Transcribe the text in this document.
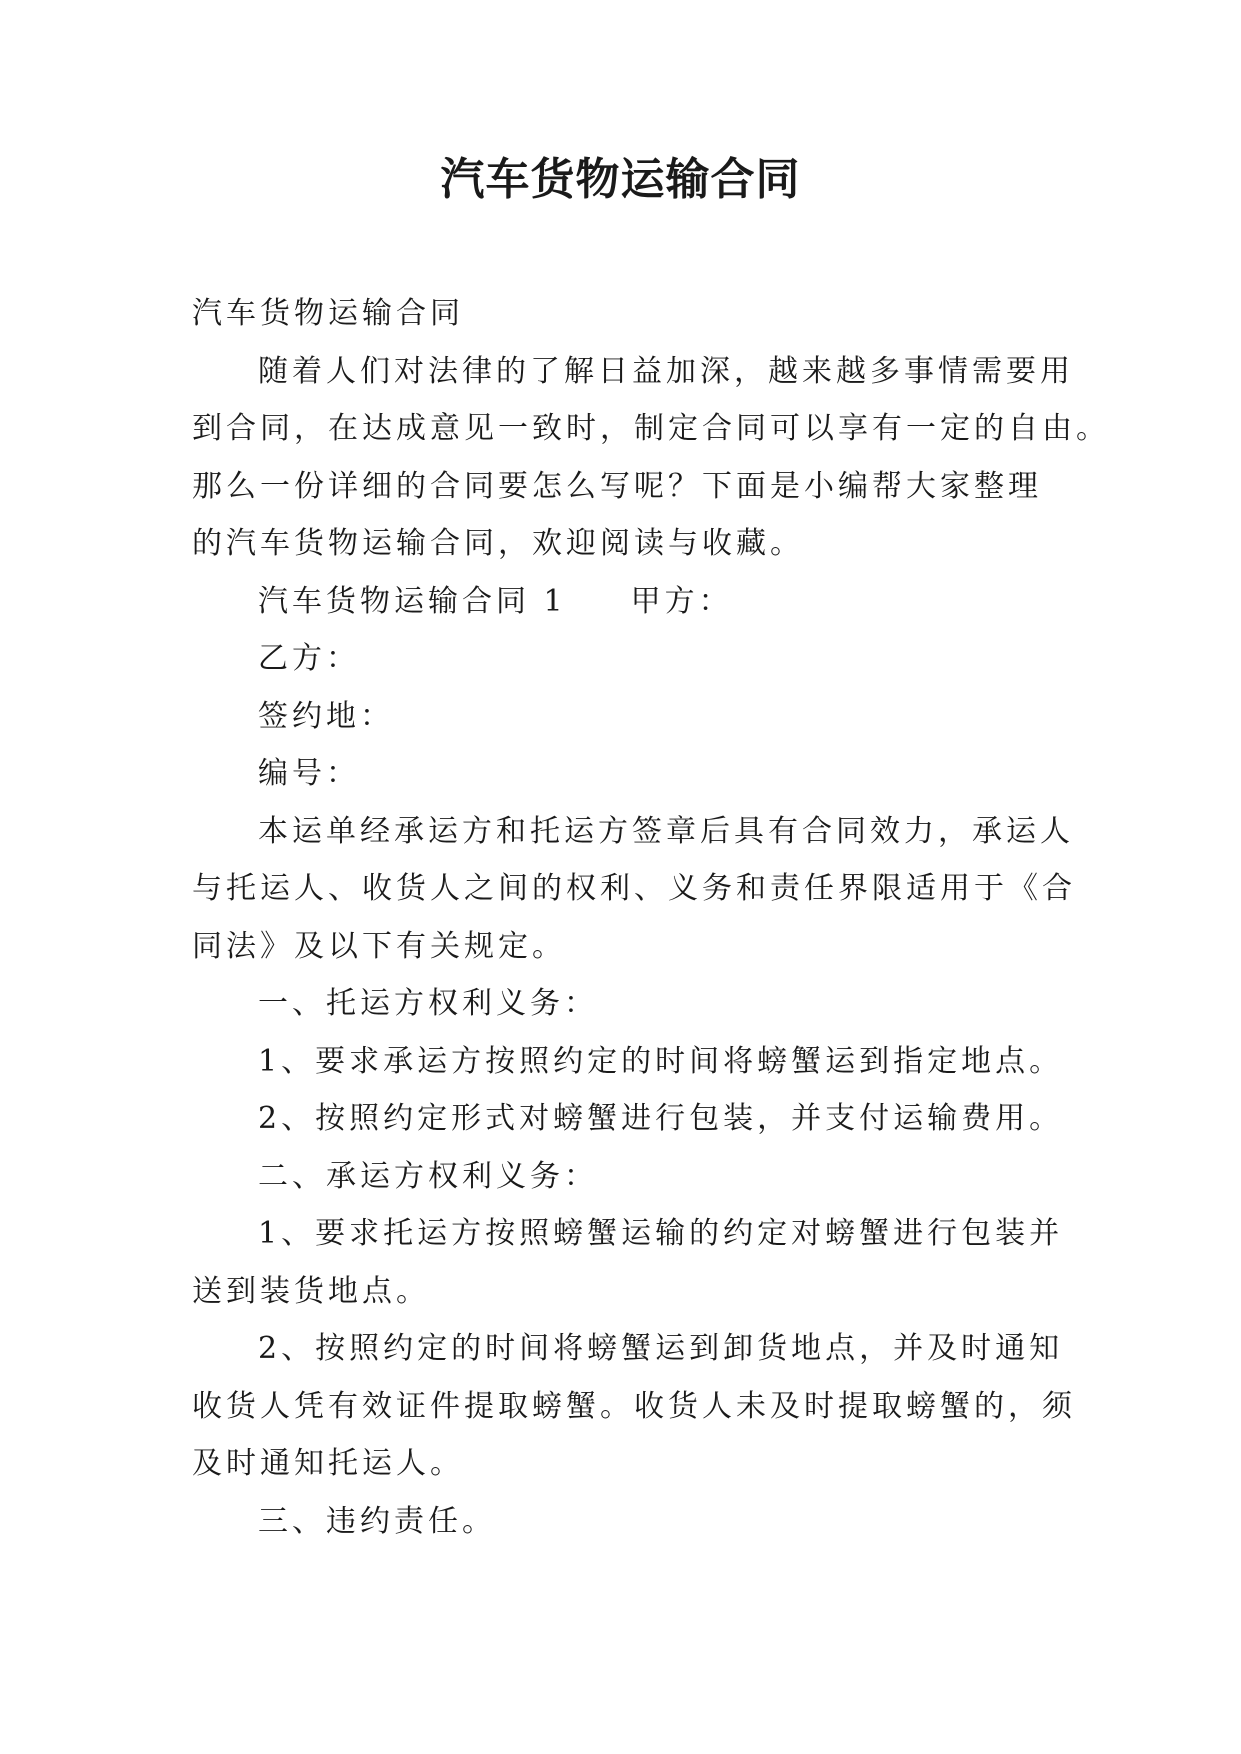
汽车货物运输合同

汽车货物运输合同

随着人们对法律的了解日益加深，越来越多事情需要用

到合同，在达成意见一致时，制定合同可以享有一定的自由。

那么一份详细的合同要怎么写呢？下面是小编帮大家整理

的汽车货物运输合同，欢迎阅读与收藏。

汽车货物运输合同 1 甲方：

乙方：

签约地：

编号：

本运单经承运方和托运方签章后具有合同效力，承运人

与托运人、收货人之间的权利、义务和责任界限适用于《合

同法》及以下有关规定。

一、托运方权利义务：

1、要求承运方按照约定的时间将螃蟹运到指定地点。

2、按照约定形式对螃蟹进行包装，并支付运输费用。

二、承运方权利义务：

1、要求托运方按照螃蟹运输的约定对螃蟹进行包装并

送到装货地点。

2、按照约定的时间将螃蟹运到卸货地点，并及时通知

收货人凭有效证件提取螃蟹。收货人未及时提取螃蟹的，须

及时通知托运人。

三、违约责任。
